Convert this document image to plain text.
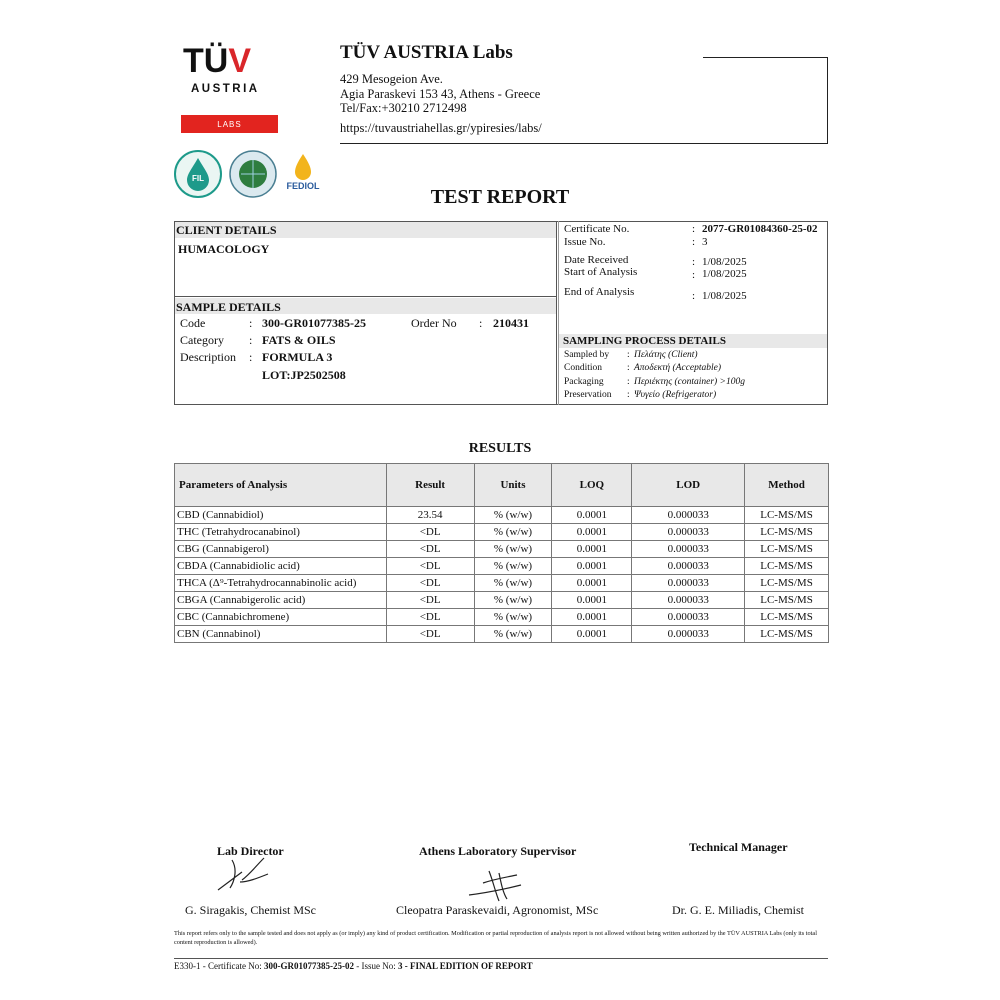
TÜ V
AUSTRIA
LABS
FIL
FEDIOL
TÜV AUSTRIA Labs
429 Mesogeion Ave.
Agia Paraskevi 153 43, Athens - Greece
Tel/Fax:+30210 2712498
https://tuvaustriahellas.gr/ypiresies/labs/
TEST REPORT
CLIENT DETAILS
HUMACOLOGY
SAMPLE DETAILS
Code	: 300-GR01077385-25	Order No : 210431
Category : FATS & OILS
Description : FORMULA 3
LOT:JP2502508
Certificate No.	: 2077-GR01084360-25-02
Issue No.	: 3
Date Received	: 1/08/2025
Start of Analysis	: 1/08/2025
End of Analysis	: 1/08/2025
SAMPLING PROCESS DETAILS
Sampled by : Πελάτης (Client)
Condition	: Αποδεκτή (Acceptable)
Packaging : Περιέκτης (container) >100g
Preservation : Ψυγείο (Refrigerator)
RESULTS
Parameters of Analysis	Result	Units	LOQ	LOD	Method
CBD (Cannabidiol)	23.54	% (w/w)	0.0001	0.000033	LC-MS/MS
THC (Tetrahydrocanabinol)	<DL	% (w/w)	0.0001	0.000033	LC-MS/MS
CBG (Cannabigerol)	<DL	% (w/w)	0.0001	0.000033	LC-MS/MS
CBDA (Cannabidiolic acid)	<DL	% (w/w)	0.0001	0.000033	LC-MS/MS
THCA (Δ⁹-Tetrahydrocannabinolic acid)	<DL	% (w/w)	0.0001	0.000033	LC-MS/MS
CBGA (Cannabigerolic acid)	<DL	% (w/w)	0.0001	0.000033	LC-MS/MS
CBC (Cannabichromene)	<DL	% (w/w)	0.0001	0.000033	LC-MS/MS
CBN (Cannabinol)	<DL	% (w/w)	0.0001	0.000033	LC-MS/MS
Lab Director
G. Siragakis, Chemist MSc
Athens Laboratory Supervisor
Cleopatra Paraskevaidi, Agronomist, MSc
Technical Manager
Dr. G. E. Miliadis, Chemist
This report refers only to the sample tested and does not apply as (or imply) any kind of product certification. Modification or partial reproduction of analysis report is not allowed without being written authorized by the TÜV AUSTRIA Labs (only its total content reproduction is allowed).
E330-1 - Certificate No: 300-GR01077385-25-02 - Issue No: 3 - FINAL EDITION OF REPORT
